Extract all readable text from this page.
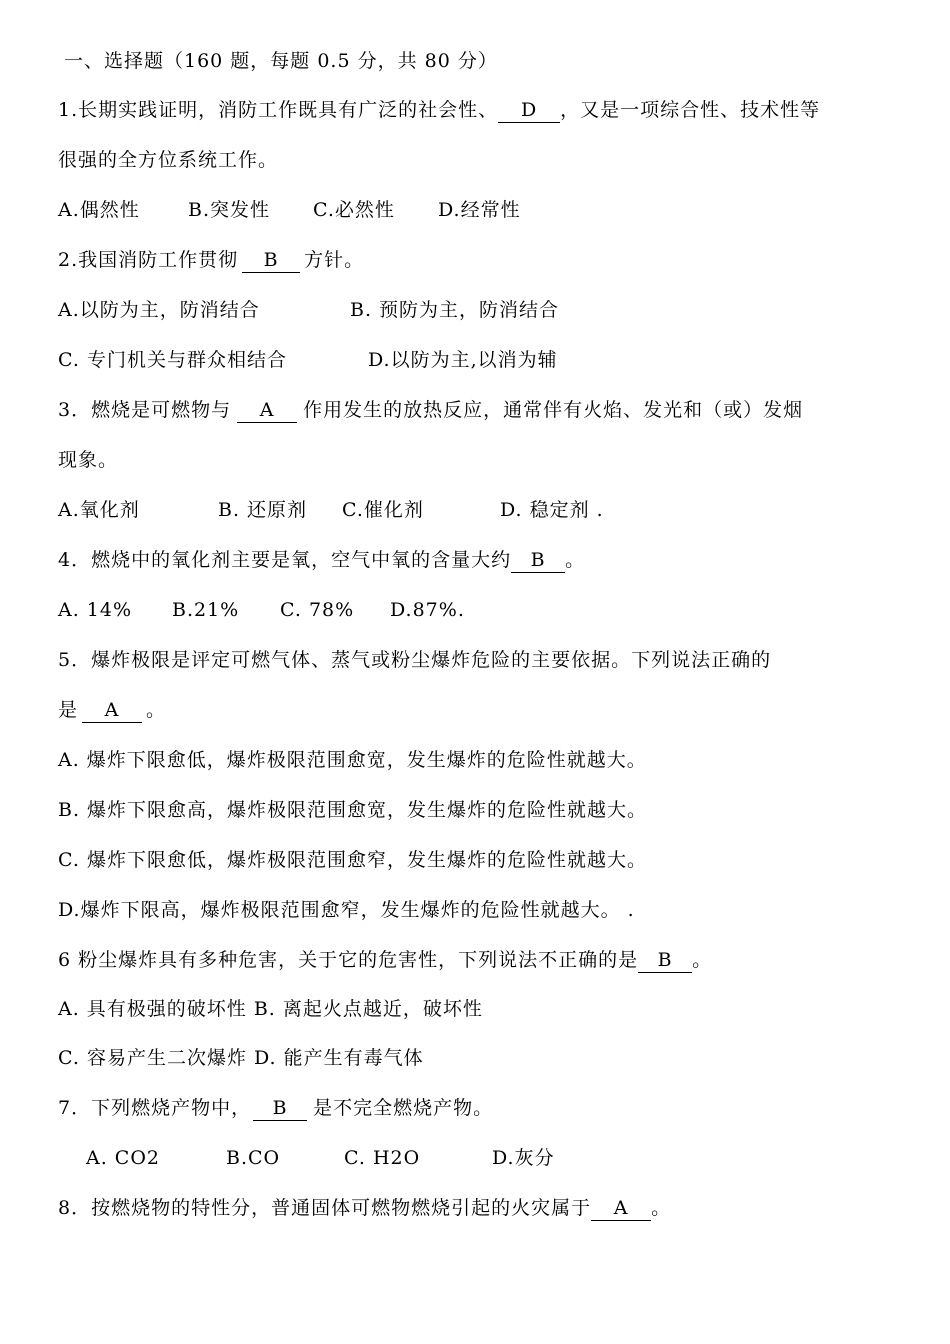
一、选择题（160 题，每题 0.5 分，共 80 分）
1.长期实践证明，消防工作既具有广泛的社会性、 D ，又是一项综合性、技术性等
很强的全方位系统工作。
A.偶然性	B.突发性 C.必然性 D.经常性
2.我国消防工作贯彻 B 方针。
A.以防为主，防消结合	B. 预防为主，防消结合
C. 专门机关与群众相结合	D.以防为主,以消为辅
3．燃烧是可燃物与 A 作用发生的放热反应，通常伴有火焰、发光和（或）发烟
现象。
A.氧化剂	B. 还原剂 C.催化剂	D. 稳定剂 .
4．燃烧中的氧化剂主要是氧，空气中氧的含量大约 B 。
A. 14% B.21% C. 78% D.87%.
5．爆炸极限是评定可燃气体、蒸气或粉尘爆炸危险的主要依据。下列说法正确的
是 A 。
A. 爆炸下限愈低，爆炸极限范围愈宽，发生爆炸的危险性就越大。
B. 爆炸下限愈高，爆炸极限范围愈宽，发生爆炸的危险性就越大。
C. 爆炸下限愈低，爆炸极限范围愈窄，发生爆炸的危险性就越大。
D.爆炸下限高，爆炸极限范围愈窄，发生爆炸的危险性就越大。 .
6 粉尘爆炸具有多种危害，关于它的危害性，下列说法不正确的是 B 。
A. 具有极强的破坏性 B. 离起火点越近，破坏性
C. 容易产生二次爆炸 D. 能产生有毒气体
7．下列燃烧产物中， B 是不完全燃烧产物。
A. CO2	B.CO	C. H2O	D.灰分
8．按燃烧物的特性分，普通固体可燃物燃烧引起的火灾属于 A 。
